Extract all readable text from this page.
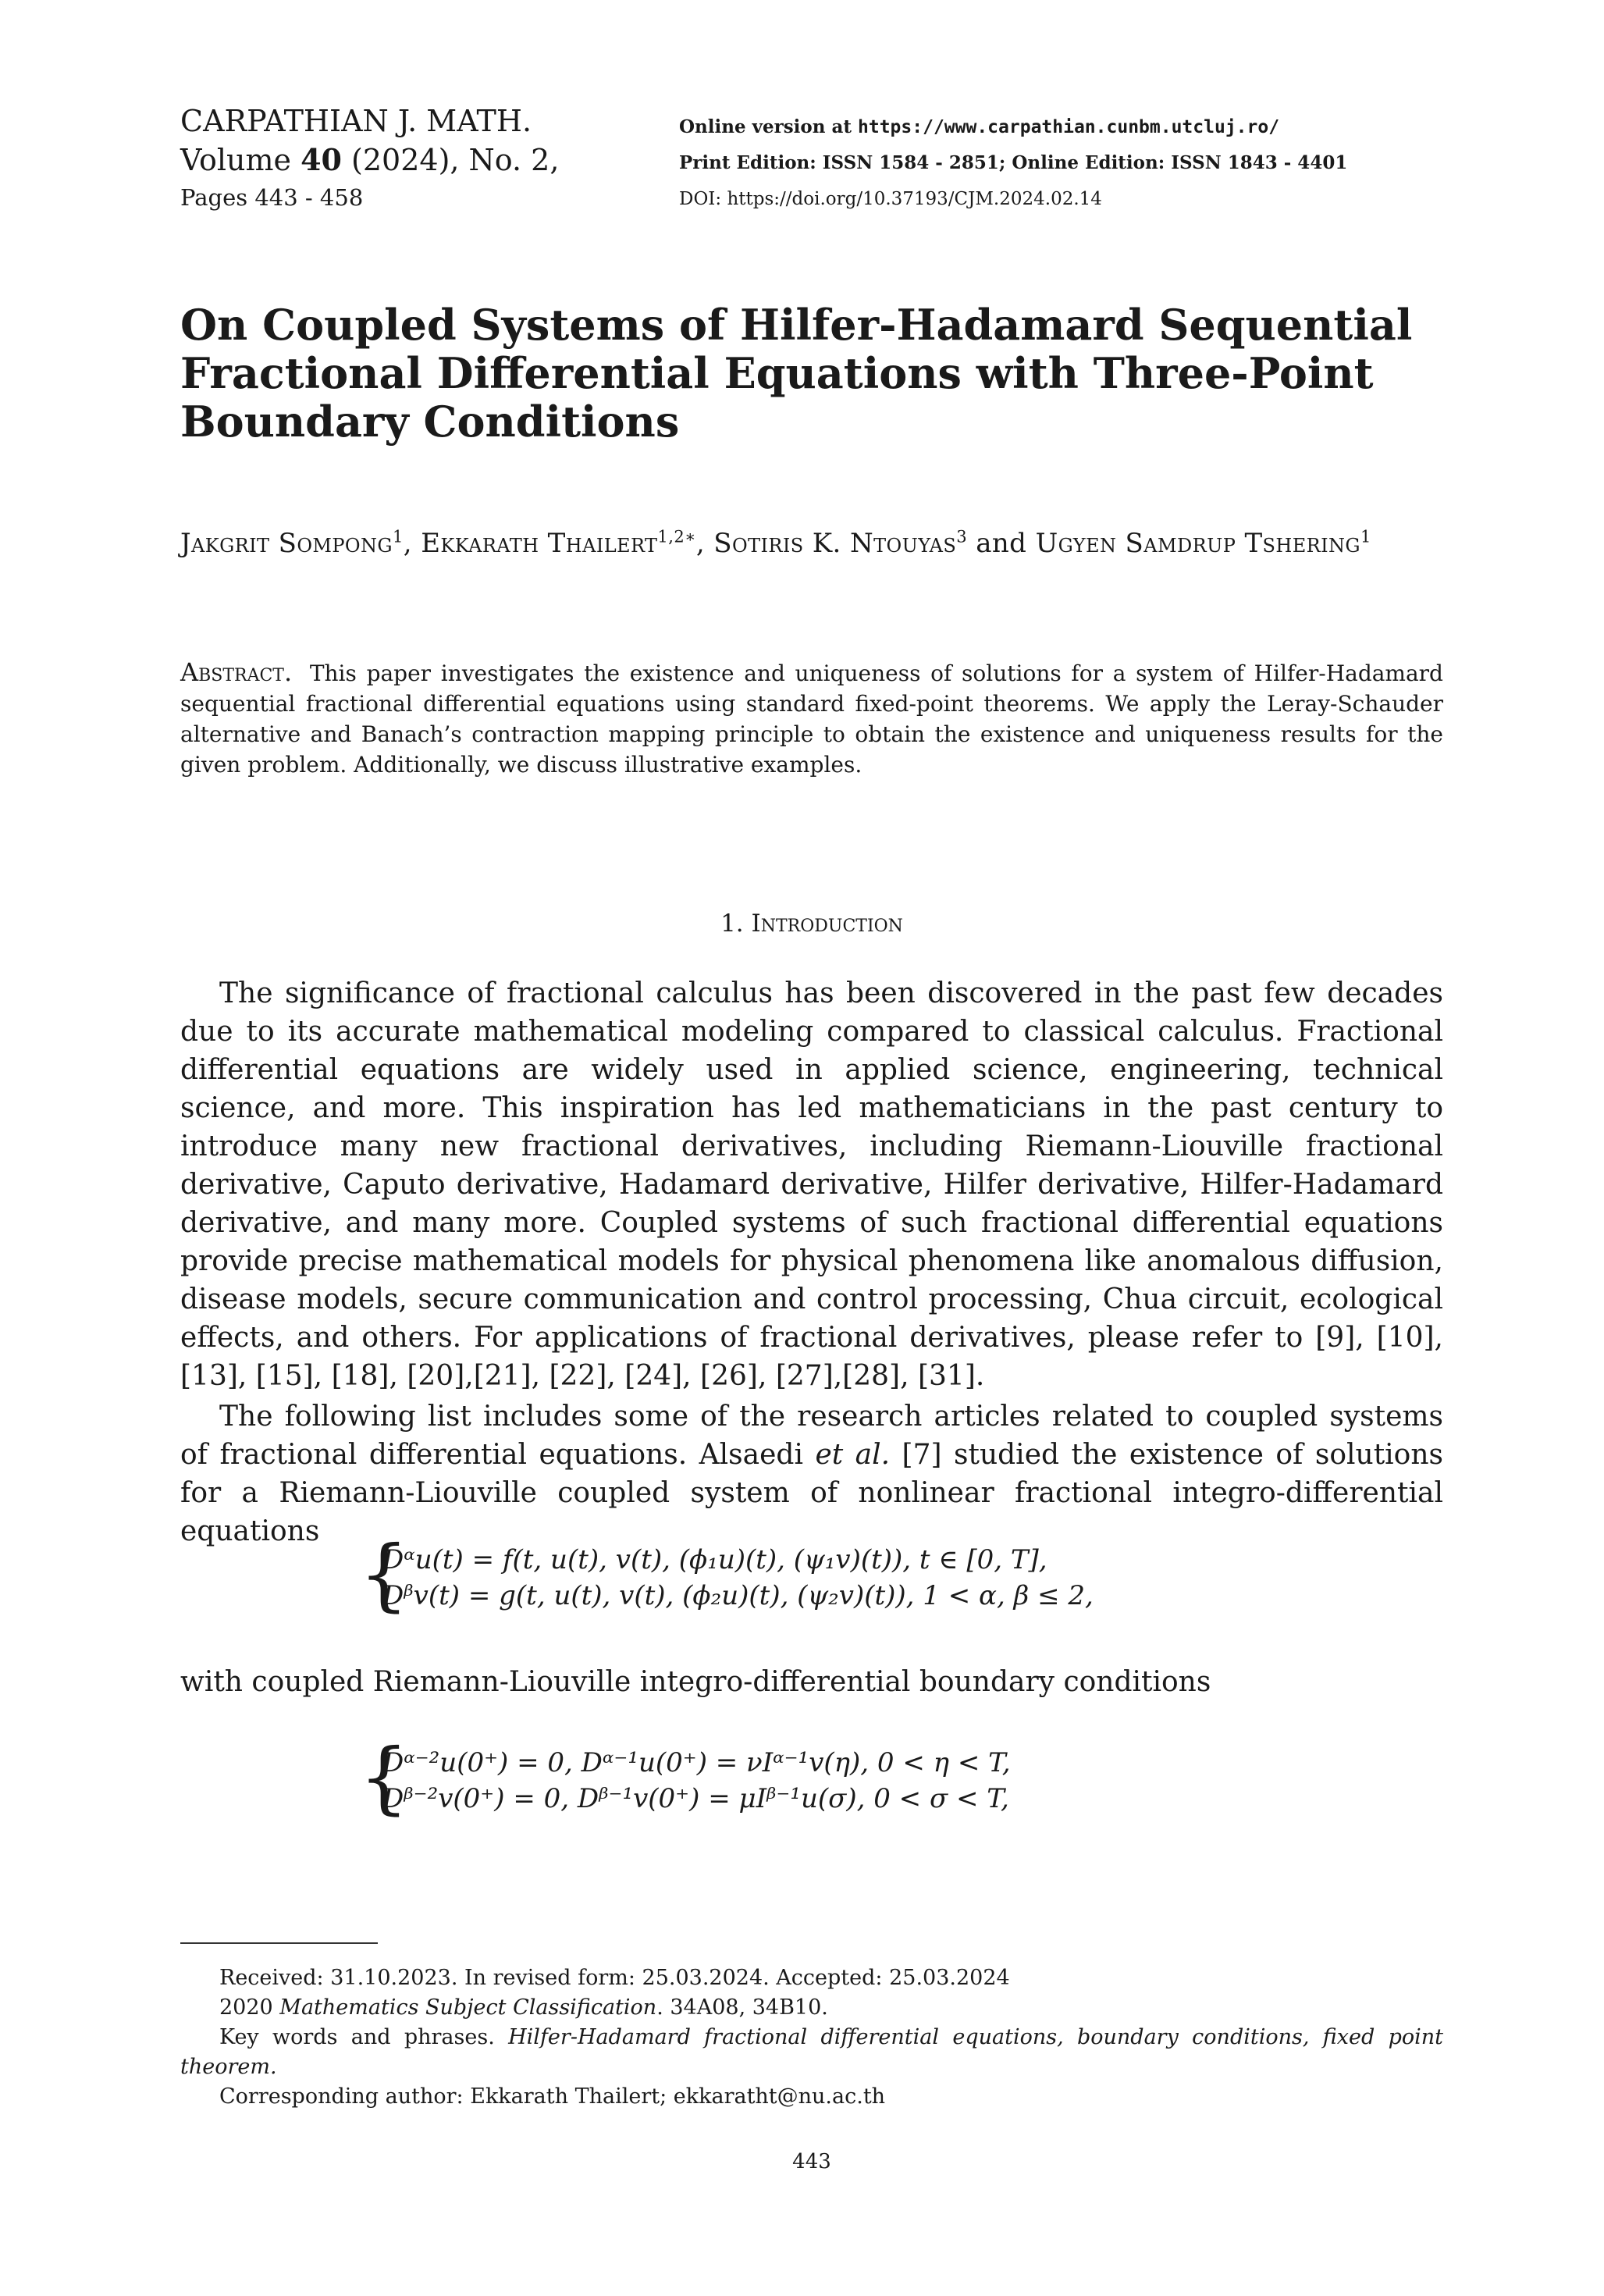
CARPATHIAN J. MATH.
Volume 40 (2024), No. 2,
Pages 443 - 458
Online version at https://www.carpathian.cunbm.utcluj.ro/
Print Edition: ISSN 1584 - 2851; Online Edition: ISSN 1843 - 4401
DOI: https://doi.org/10.37193/CJM.2024.02.14
On Coupled Systems of Hilfer-Hadamard Sequential
Fractional Differential Equations with Three-Point
Boundary Conditions
Jakgrit Sompong$^1$, Ekkarath Thailert$^{1,2∗}$, Sotiris K. Ntouyas$^3$ and Ugyen Samdrup Tshering$^1$
Abstract. This paper investigates the existence and uniqueness of solutions for a system of Hilfer-Hadamard sequential fractional differential equations using standard fixed-point theorems. We apply the Leray-Schauder alternative and Banach’s contraction mapping principle to obtain the existence and uniqueness results for the given problem. Additionally, we discuss illustrative examples.
1. Introduction
The significance of fractional calculus has been discovered in the past few decades due to its accurate mathematical modeling compared to classical calculus. Fractional differential equations are widely used in applied science, engineering, technical science, and more. This inspiration has led mathematicians in the past century to introduce many new fractional derivatives, including Riemann-Liouville fractional derivative, Caputo derivative, Hadamard derivative, Hilfer derivative, Hilfer-Hadamard derivative, and many more. Coupled systems of such fractional differential equations provide precise mathematical models for physical phenomena like anomalous diffusion, disease models, secure communication and control processing, Chua circuit, ecological effects, and others. For applications of fractional derivatives, please refer to [9], [10], [13], [15], [18], [20],[21], [22], [24], [26], [27],[28], [31].
The following list includes some of the research articles related to coupled systems of fractional differential equations. Alsaedi et al. [7] studied the existence of solutions for a Riemann-Liouville coupled system of nonlinear fractional integro-differential equations {
Dᵅu(t) = f(t, u(t), v(t), (ϕ₁u)(t), (ψ₁v)(t)), t ∈ [0, T],
Dᵝv(t) = g(t, u(t), v(t), (ϕ₂u)(t), (ψ₂v)(t)), 1 < α, β ≤ 2,
with coupled Riemann-Liouville integro-differential boundary conditions
{
Dᵅ⁻²u(0⁺) = 0, Dᵅ⁻¹u(0⁺) = νIᵅ⁻¹v(η), 0 < η < T,
Dᵝ⁻²v(0⁺) = 0, Dᵝ⁻¹v(0⁺) = μIᵝ⁻¹u(σ), 0 < σ < T,
Received: 31.10.2023. In revised form: 25.03.2024. Accepted: 25.03.2024
2020 Mathematics Subject Classification. 34A08, 34B10.
Key words and phrases. Hilfer-Hadamard fractional differential equations, boundary conditions, fixed point theorem.
Corresponding author: Ekkarath Thailert; ekkaratht@nu.ac.th
443
